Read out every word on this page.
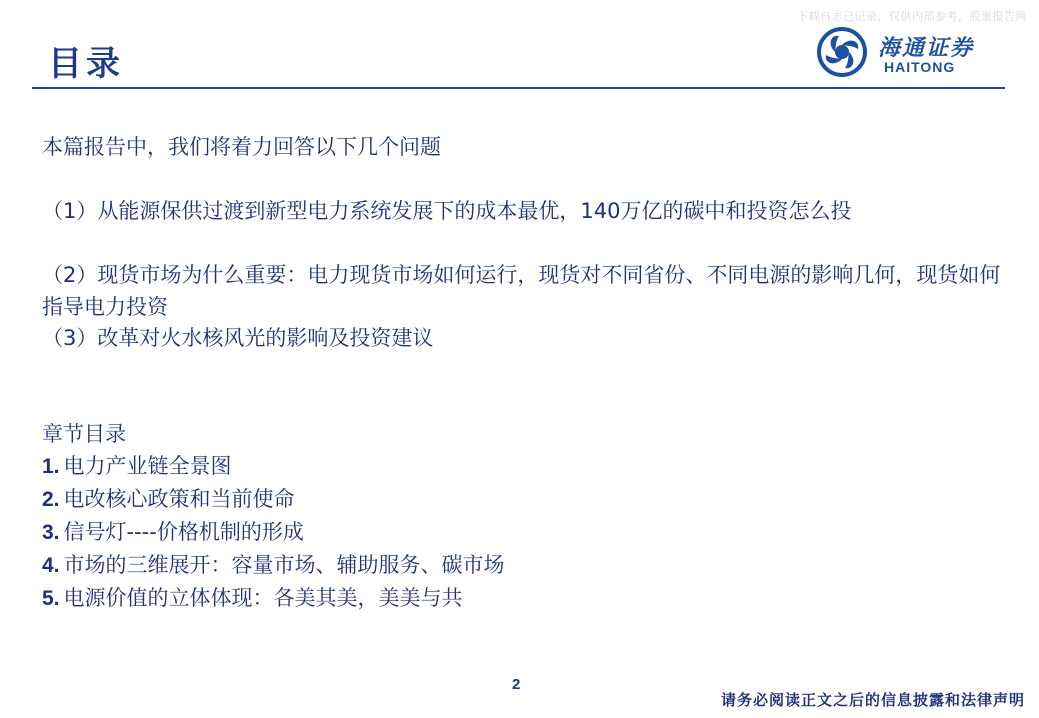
下载日志已记录，仅供内部参考，股票报告网
目录	海通证券
HAITONG
本篇报告中，我们将着力回答以下几个问题
（1）从能源保供过渡到新型电力系统发展下的成本最优，140万亿的碳中和投资怎么投
（2）现货市场为什么重要：电力现货市场如何运行，现货对不同省份、不同电源的影响几何，现货如何指导电力投资
（3）改革对火水核风光的影响及投资建议
章节目录
1. 电力产业链全景图
2. 电改核心政策和当前使命
3. 信号灯----价格机制的形成
4. 市场的三维展开：容量市场、辅助服务、碳市场
5. 电源价值的立体体现：各美其美，美美与共
2
请务必阅读正文之后的信息披露和法律声明
